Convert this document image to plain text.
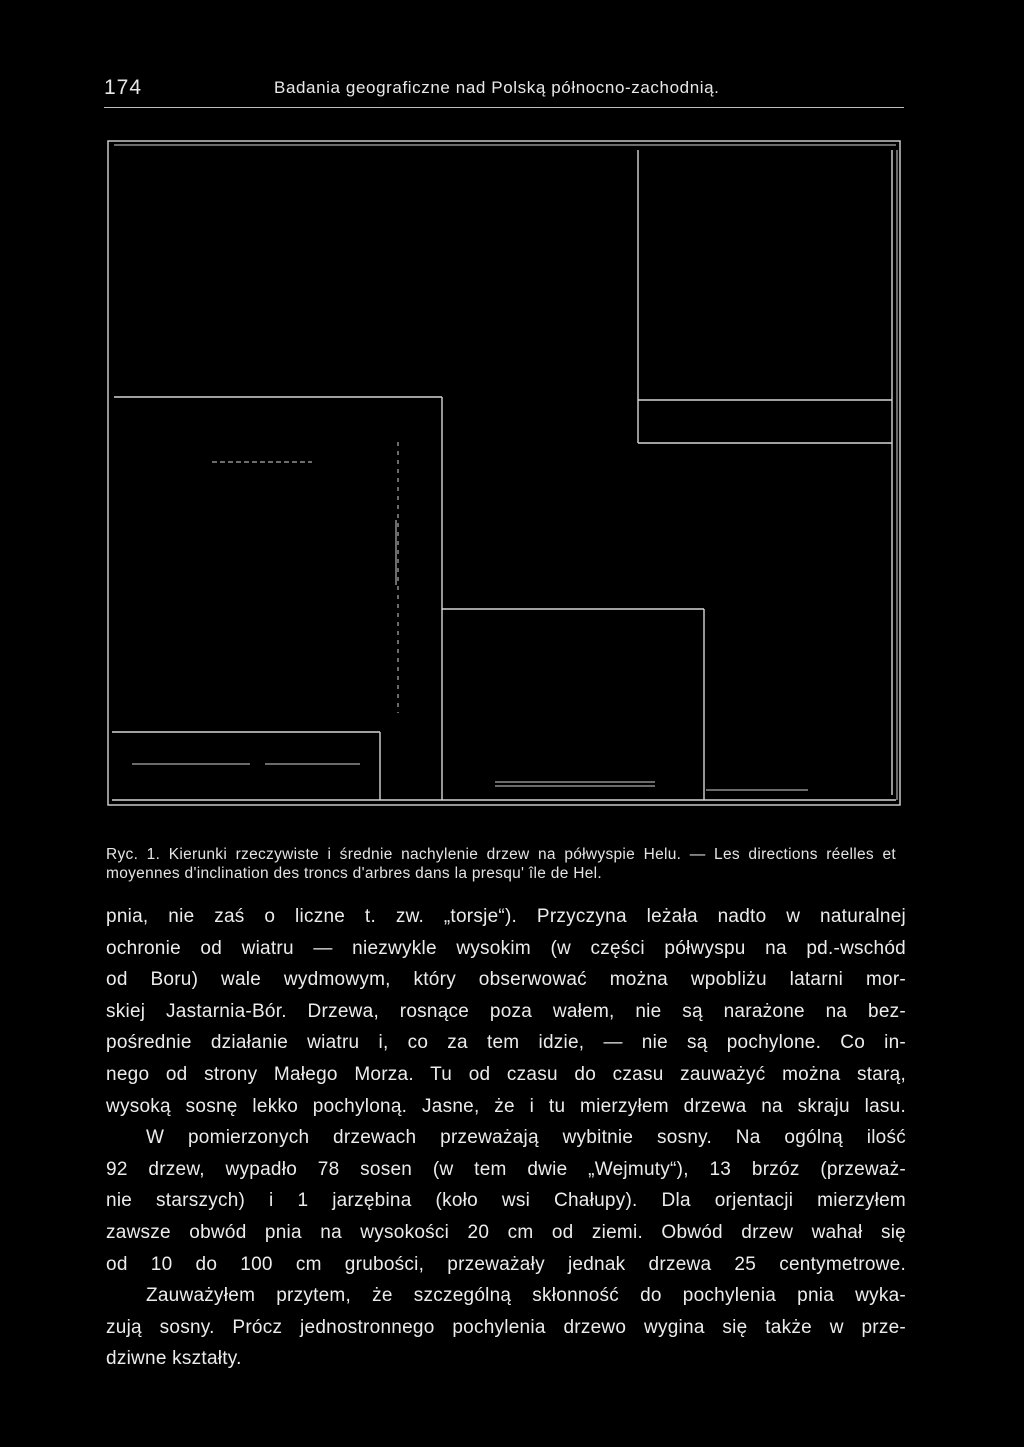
174	Badania geograficzne nad Polską północno-zachodnią.
Ryc. 1. Kierunki rzeczywiste i średnie nachylenie drzew na półwyspie Helu. — Les directions réelles et moyennes d'inclination des troncs d'arbres dans la presqu' île de Hel.
pnia, nie zaś o liczne t. zw. „torsje“). Przyczyna leżała nadto w naturalnej
ochronie od wiatru — niezwykle wysokim (w części półwyspu na pd.-wschód
od Boru) wale wydmowym, który obserwować można wpobliżu latarni mor-
skiej Jastarnia-Bór. Drzewa, rosnące poza wałem, nie są narażone na bez-
pośrednie działanie wiatru i, co za tem idzie, — nie są pochylone. Co in-
nego od strony Małego Morza. Tu od czasu do czasu zauważyć można starą,
wysoką sosnę lekko pochyloną. Jasne, że i tu mierzyłem drzewa na skraju lasu.
W pomierzonych drzewach przeważają wybitnie sosny. Na ogólną ilość
92 drzew, wypadło 78 sosen (w tem dwie „Wejmuty“), 13 brzóz (przeważ-
nie starszych) i 1 jarzębina (koło wsi Chałupy). Dla orjentacji mierzyłem
zawsze obwód pnia na wysokości 20 cm od ziemi. Obwód drzew wahał się
od 10 do 100 cm grubości, przeważały jednak drzewa 25 centymetrowe.
Zauważyłem przytem, że szczególną skłonność do pochylenia pnia wyka-
zują sosny. Prócz jednostronnego pochylenia drzewo wygina się także w prze-
dziwne kształty.
